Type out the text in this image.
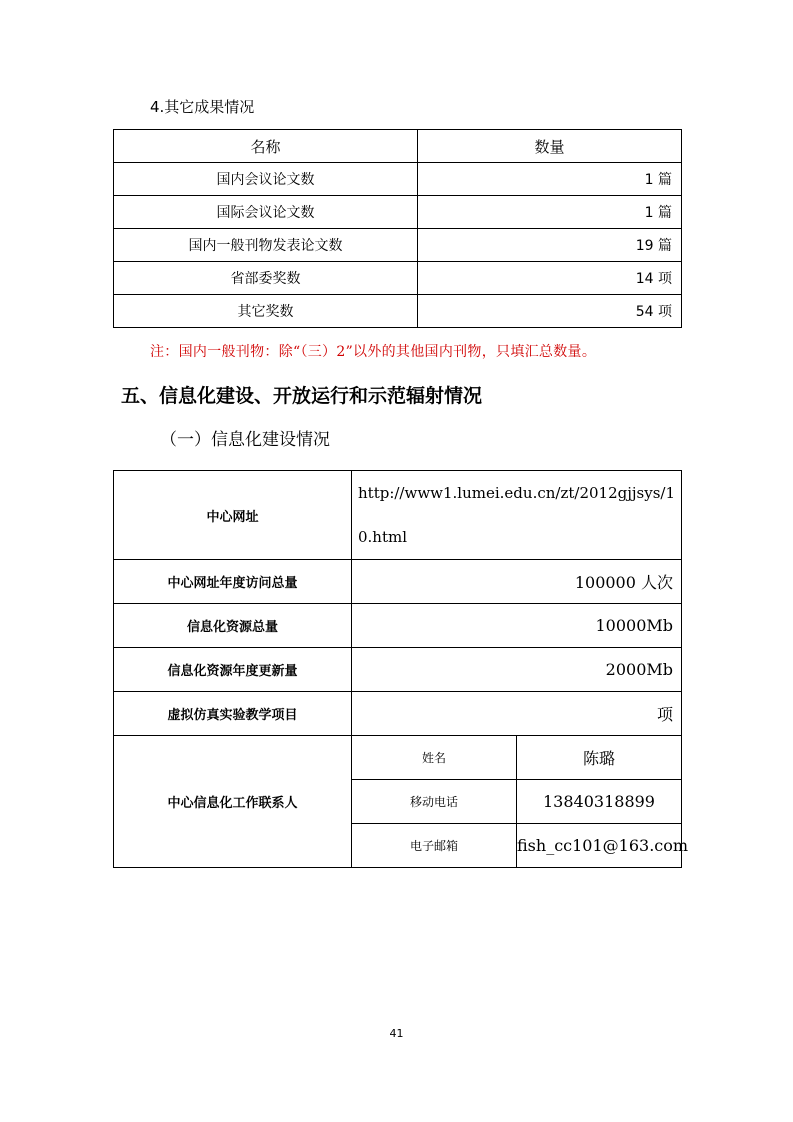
4.其它成果情况
名称	数量
国内会议论文数	1 篇
国际会议论文数	1 篇
国内一般刊物发表论文数	19 篇
省部委奖数	14 项
其它奖数	54 项
注：国内一般刊物：除“（三）2”以外的其他国内刊物，只填汇总数量。
五、信息化建设、开放运行和示范辐射情况
（一）信息化建设情况
中心网址	http://www1.lumei.edu.cn/zt/2012gjjsys/10.html	
中心网址年度访问总量	100000 人次	
信息化资源总量	10000Mb	
信息化资源年度更新量	2000Mb	
虚拟仿真实验教学项目	项	
中心信息化工作联系人	姓名	陈璐
	移动电话	13840318899
	电子邮箱	fish_cc101@163.com
41
